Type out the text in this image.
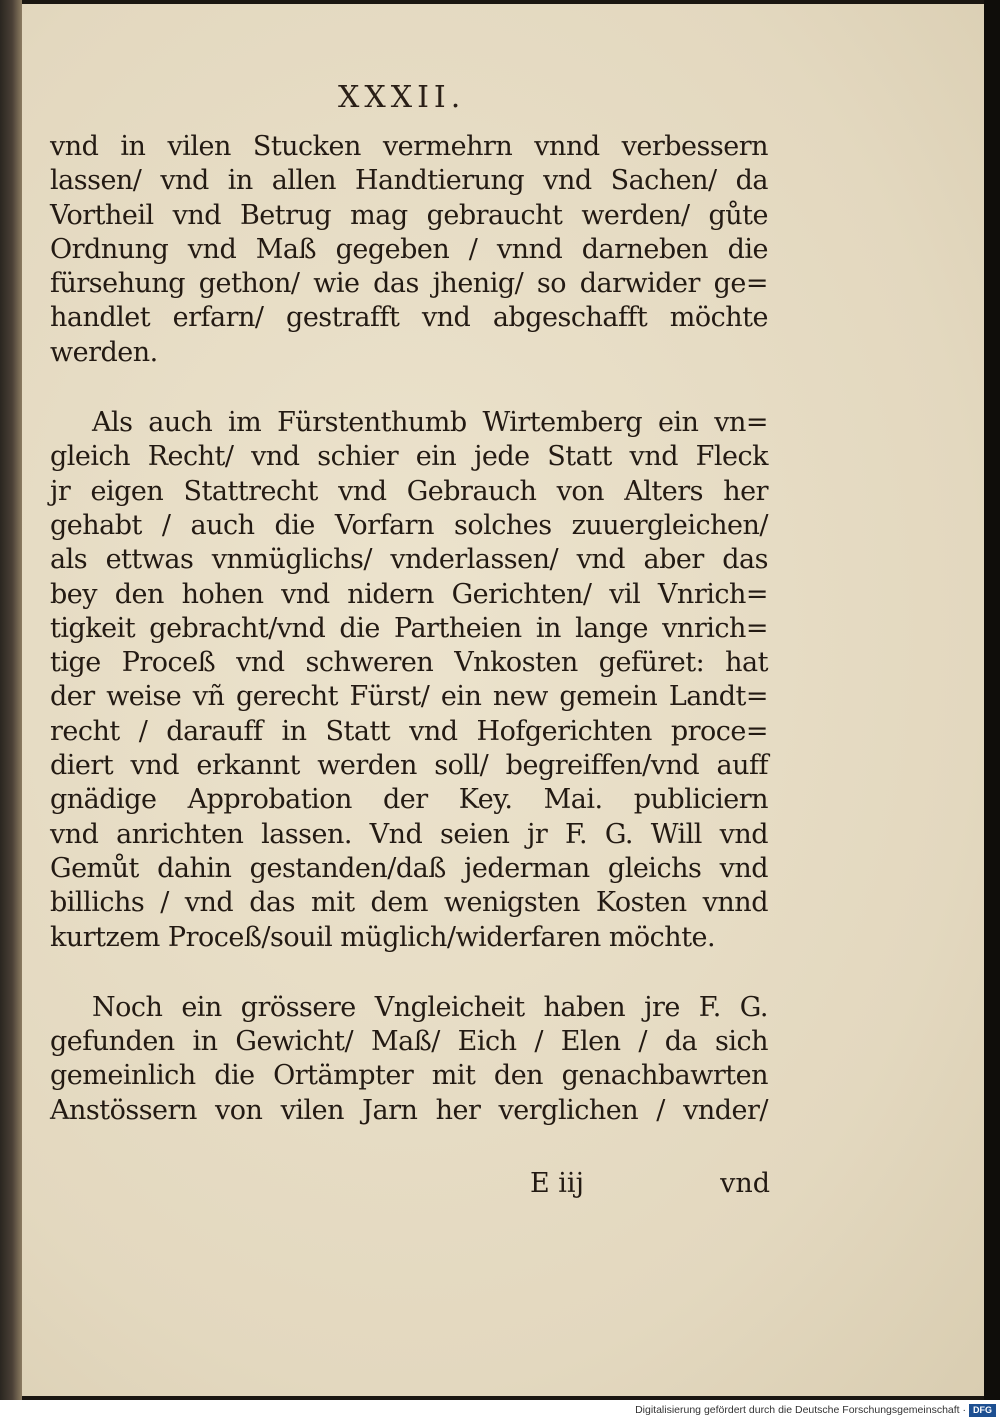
XXXII.
vnd in vilen Stucken vermehrn vnnd verbessern
lassen/ vnd in allen Handtierung vnd Sachen/ da
Vortheil vnd Betrug mag gebraucht werden/ gůte
Ordnung vnd Maß gegeben / vnnd darneben die
fürsehung gethon/ wie das jhenig/ so darwider ge=
handlet erfarn/ gestrafft vnd abgeschafft möchte
werden.
Als auch im Fürstenthumb Wirtemberg ein vn=
gleich Recht/ vnd schier ein jede Statt vnd Fleck
jr eigen Stattrecht vnd Gebrauch von Alters her
gehabt / auch die Vorfarn solches zuuergleichen/
als ettwas vnmüglichs/ vnderlassen/ vnd aber das
bey den hohen vnd nidern Gerichten/ vil Vnrich=
tigkeit gebracht/vnd die Partheien in lange vnrich=
tige Proceß vnd schweren Vnkosten gefüret: hat
der weise vñ gerecht Fürst/ ein new gemein Landt=
recht / darauff in Statt vnd Hofgerichten proce=
diert vnd erkannt werden soll/ begreiffen/vnd auff
gnädige Approbation der Key. Mai. publiciern
vnd anrichten lassen. Vnd seien jr F. G. Will vnd
Gemůt dahin gestanden/daß jederman gleichs vnd
billichs / vnd das mit dem wenigsten Kosten vnnd
kurtzem Proceß/souil müglich/widerfaren möchte.
Noch ein grössere Vngleicheit haben jre F. G.
gefunden in Gewicht/ Maß/ Eich / Elen / da sich
gemeinlich die Ortämpter mit den genachbawrten
Anstössern von vilen Jarn her verglichen / vnder/
E iij	vnd
Digitalisierung gefördert durch die Deutsche Forschungsgemeinschaft · DFG
